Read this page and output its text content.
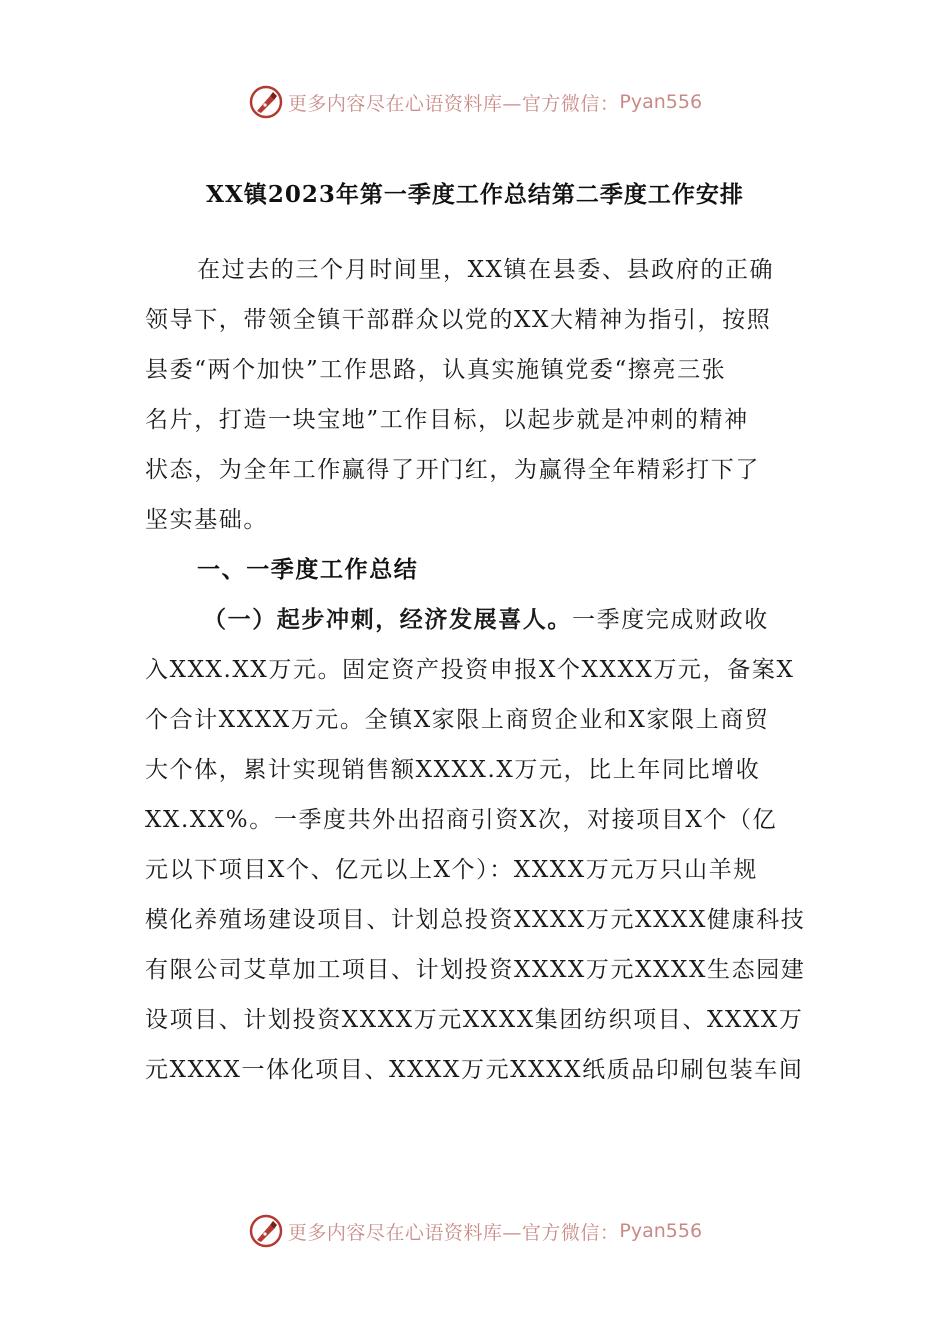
更多内容尽在心语资料库—官方微信： Pyan556
XX镇2023年第一季度工作总结第二季度工作安排
在过去的三个月时间里，XX镇在县委、县政府的正确
领导下，带领全镇干部群众以党的XX大精神为指引，按照
县委“两个加快”工作思路，认真实施镇党委“擦亮三张
名片，打造一块宝地”工作目标，以起步就是冲刺的精神
状态，为全年工作赢得了开门红，为赢得全年精彩打下了
坚实基础。
一、一季度工作总结
（一）起步冲刺，经济发展喜人。一季度完成财政收
入XXX.XX万元。固定资产投资申报X个XXXX万元，备案X
个合计XXXX万元。全镇X家限上商贸企业和X家限上商贸
大个体，累计实现销售额XXXX.X万元，比上年同比增收
XX.XX%。一季度共外出招商引资X次，对接项目X个（亿
元以下项目X个、亿元以上X个）：XXXX万元万只山羊规
模化养殖场建设项目、计划总投资XXXX万元XXXX健康科技
有限公司艾草加工项目、计划投资XXXX万元XXXX生态园建
设项目、计划投资XXXX万元XXXX集团纺织项目、XXXX万
元XXXX一体化项目、XXXX万元XXXX纸质品印刷包装车间
更多内容尽在心语资料库—官方微信： Pyan556
